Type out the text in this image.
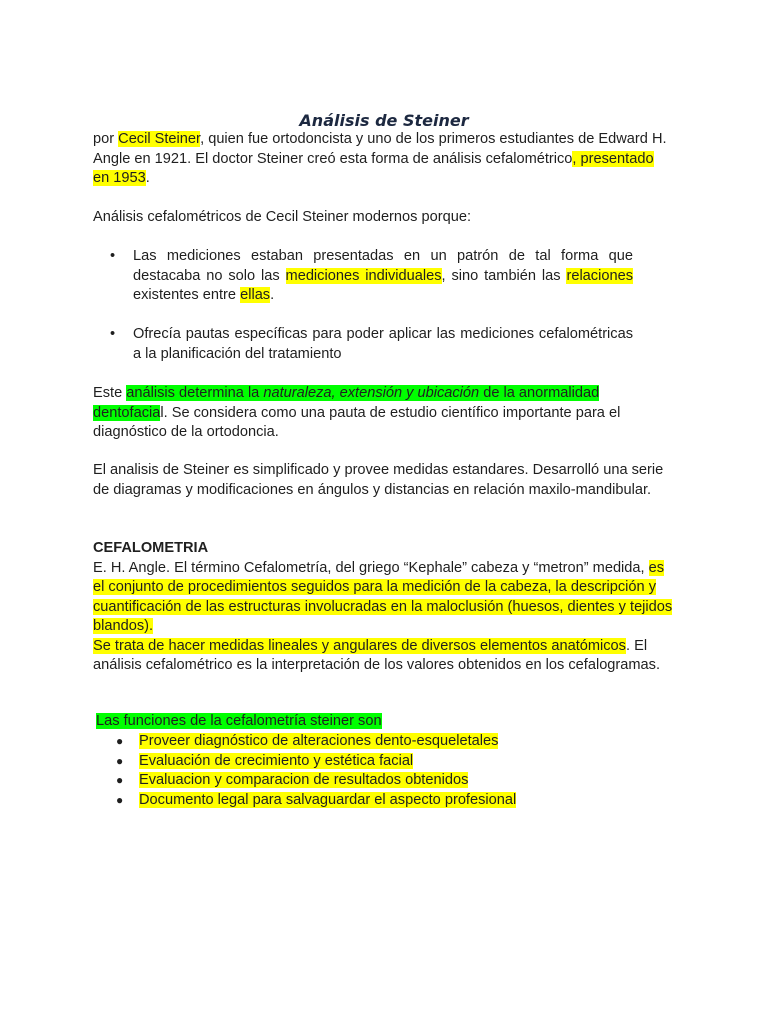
Análisis de Steiner

por Cecil Steiner, quien fue ortodoncista y uno de los primeros estudiantes de Edward H. Angle en 1921. El doctor Steiner creó esta forma de análisis cefalométrico, presentado en 1953.

Análisis cefalométricos de Cecil Steiner modernos porque:

•	Las mediciones estaban presentadas en un patrón de tal forma que destacaba no solo las mediciones individuales, sino también las relaciones existentes entre ellas.
•	Ofrecía pautas específicas para poder aplicar las mediciones cefalométricas a la planificación del tratamiento

Este análisis determina la naturaleza, extensión y ubicación de la anormalidad dentofacial. Se considera como una pauta de estudio científico importante para el diagnóstico de la ortodoncia.

El analisis de Steiner es simplificado y provee medidas estandares. Desarrolló una serie de diagramas y modificaciones en ángulos y distancias en relación maxilo-mandibular.

CEFALOMETRIA
E. H. Angle. El término Cefalometría, del griego “Kephale” cabeza y “metron” medida, es el conjunto de procedimientos seguidos para la medición de la cabeza, la descripción y cuantificación de las estructuras involucradas en la maloclusión (huesos, dientes y tejidos blandos).
Se trata de hacer medidas lineales y angulares de diversos elementos anatómicos. El análisis cefalométrico es la interpretación de los valores obtenidos en los cefalogramas.

Las funciones de la cefalometría steiner son

● Proveer diagnóstico de alteraciones dento-esqueletales
● Evaluación de crecimiento y estética facial
● Evaluacion y comparacion de resultados obtenidos
● Documento legal para salvaguardar el aspecto profesional
